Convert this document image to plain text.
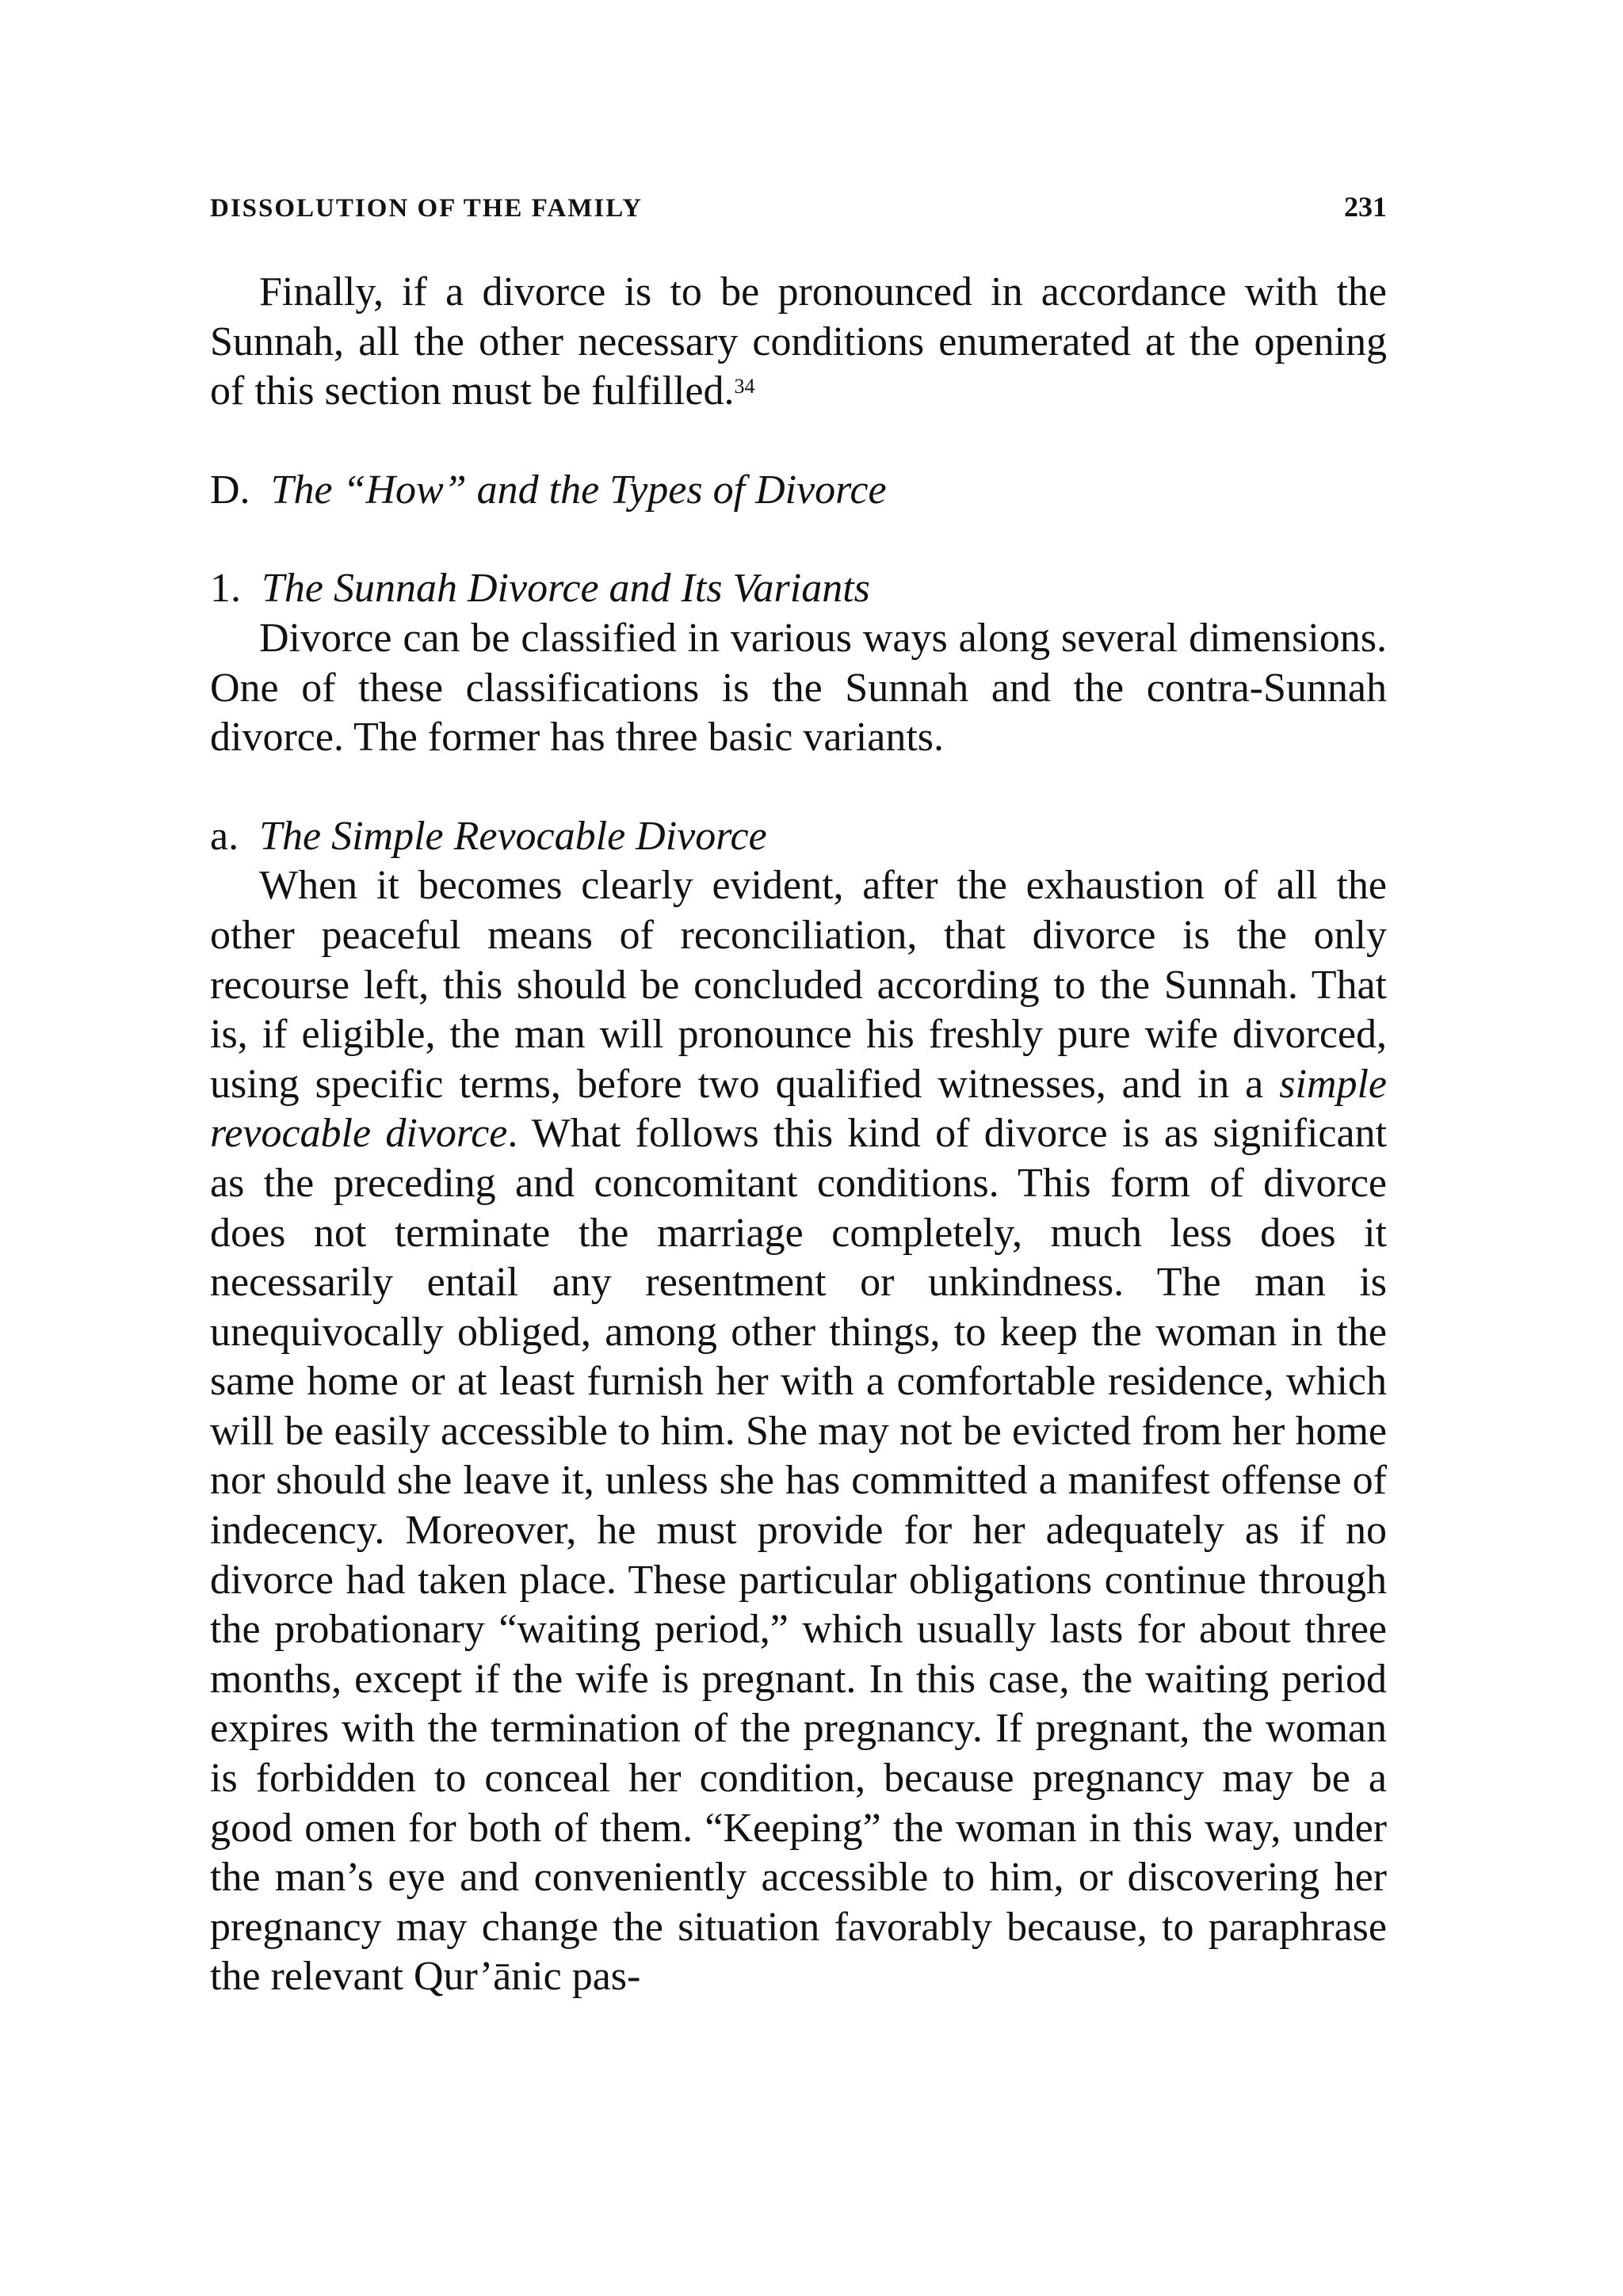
DISSOLUTION OF THE FAMILY	231

Finally, if a divorce is to be pronounced in accordance with the Sunnah, all the other necessary conditions enumerated at the opening of this section must be fulfilled.$^{34}$

D. The “How” and the Types of Divorce
1. The Sunnah Divorce and Its Variants

Divorce can be classified in various ways along several dimensions. One of these classifications is the Sunnah and the contra-Sunnah divorce. The former has three basic variants.

a. The Simple Revocable Divorce

When it becomes clearly evident, after the exhaustion of all the other peaceful means of reconciliation, that divorce is the only recourse left, this should be concluded according to the Sunnah. That is, if eligible, the man will pronounce his freshly pure wife divorced, using specific terms, before two qualified witnesses, and in a simple revocable divorce. What follows this kind of divorce is as significant as the preceding and concomitant conditions. This form of divorce does not terminate the marriage completely, much less does it necessarily entail any resentment or unkindness. The man is unequivocally obliged, among other things, to keep the woman in the same home or at least furnish her with a comfortable residence, which will be easily accessible to him. She may not be evicted from her home nor should she leave it, unless she has committed a manifest offense of indecency. Moreover, he must provide for her adequately as if no divorce had taken place. These particular obligations continue through the probationary “waiting period,” which usually lasts for about three months, except if the wife is pregnant. In this case, the waiting period expires with the termination of the pregnancy. If pregnant, the woman is forbidden to conceal her condition, because pregnancy may be a good omen for both of them. “Keeping” the woman in this way, under the man’s eye and conveniently accessible to him, or discovering her pregnancy may change the situation favorably because, to paraphrase the relevant Qur’ānic pas-
